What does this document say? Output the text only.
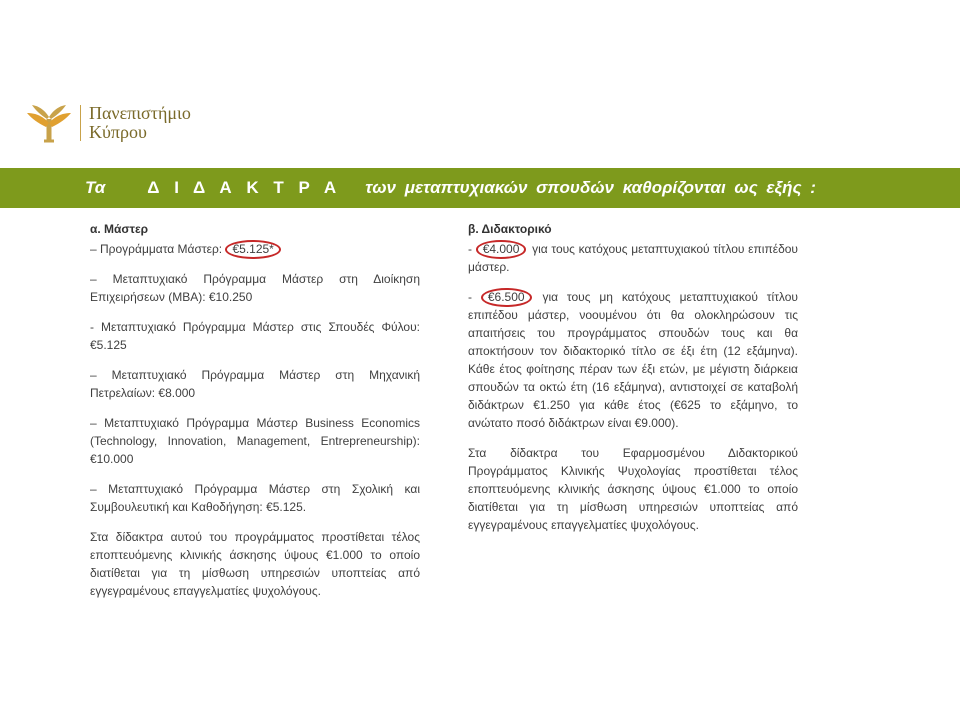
Πανεπιστήμιο
Κύπρου
Τα Δ Ι Δ Α Κ Τ Ρ Α των μεταπτυχιακών σπουδών καθορίζονται ως εξής :
α. Μάστερ
– Προγράμματα Μάστερ: €5.125*
– Μεταπτυχιακό Πρόγραμμα Μάστερ στη Διοίκηση Επιχειρήσεων (MBA): €10.250
- Μεταπτυχιακό Πρόγραμμα Μάστερ στις Σπουδές Φύλου: €5.125
– Μεταπτυχιακό Πρόγραμμα Μάστερ στη Μηχανική Πετρελαίων: €8.000
– Μεταπτυχιακό Πρόγραμμα Μάστερ Business Economics (Technology, Innovation, Management, Entrepreneurship): €10.000
– Μεταπτυχιακό Πρόγραμμα Μάστερ στη Σχολική και Συμβουλευτική και Καθοδήγηση: €5.125.
Στα δίδακτρα αυτού του προγράμματος προστίθεται τέλος εποπτευόμενης κλινικής άσκησης ύψους €1.000 το οποίο διατίθεται για τη μίσθωση υπηρεσιών υποπτείας από εγγεγραμένους επαγγελματίες ψυχολόγους.
β. Διδακτορικό
- €4.000 για τους κατόχους μεταπτυχιακού τίτλου επιπέδου μάστερ.
- €6.500 για τους μη κατόχους μεταπτυχιακού τίτλου επιπέδου μάστερ, νοουμένου ότι θα ολοκληρώσουν τις απαιτήσεις του προγράμματος σπουδών τους και θα αποκτήσουν τον διδακτορικό τίτλο σε έξι έτη (12 εξάμηνα). Κάθε έτος φοίτησης πέραν των έξι ετών, με μέγιστη διάρκεια σπουδών τα οκτώ έτη (16 εξάμηνα), αντιστοιχεί σε καταβολή διδάκτρων €1.250 για κάθε έτος (€625 το εξάμηνο, το ανώτατο ποσό διδάκτρων είναι €9.000).
Στα δίδακτρα του Εφαρμοσμένου Διδακτορικού Προγράμματος Κλινικής Ψυχολογίας προστίθεται τέλος εποπτευόμενης κλινικής άσκησης ύψους €1.000 το οποίο διατίθεται για τη μίσθωση υπηρεσιών υποπτείας από εγγεγραμένους επαγγελματίες ψυχολόγους.
